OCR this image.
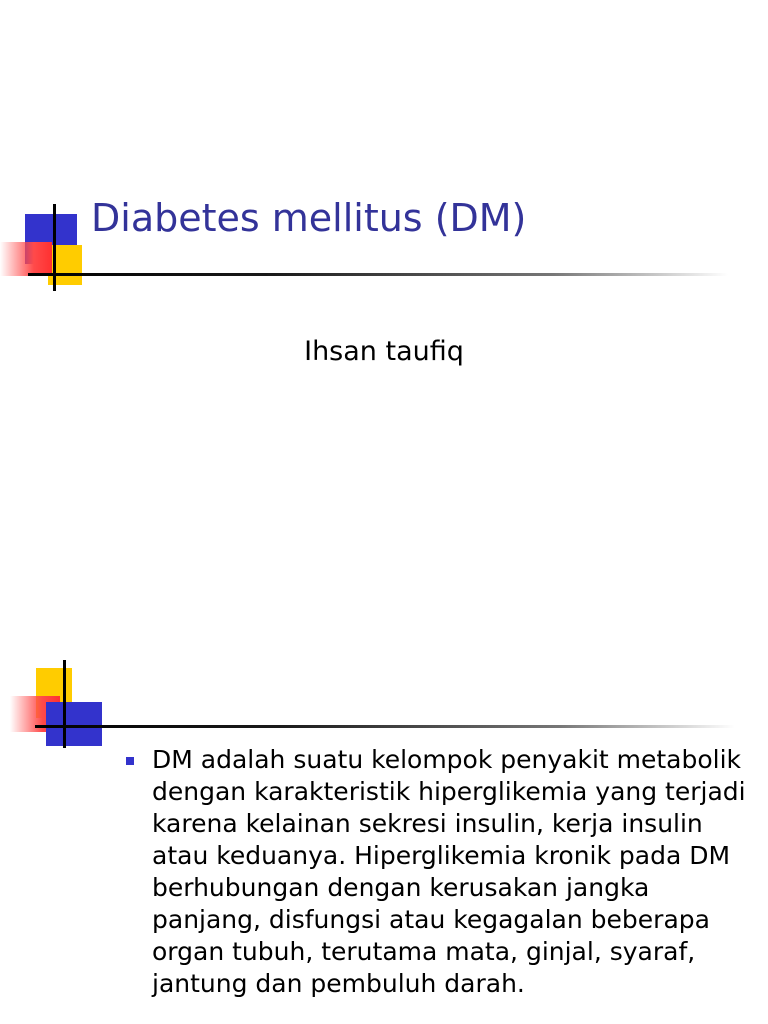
Diabetes mellitus (DM)
Ihsan taufiq
DM adalah suatu kelompok penyakit metabolik dengan karakteristik hiperglikemia yang terjadi karena kelainan sekresi insulin, kerja insulin atau keduanya. Hiperglikemia kronik pada DM berhubungan dengan kerusakan jangka panjang, disfungsi atau kegagalan beberapa organ tubuh, terutama mata, ginjal, syaraf, jantung dan pembuluh darah.
